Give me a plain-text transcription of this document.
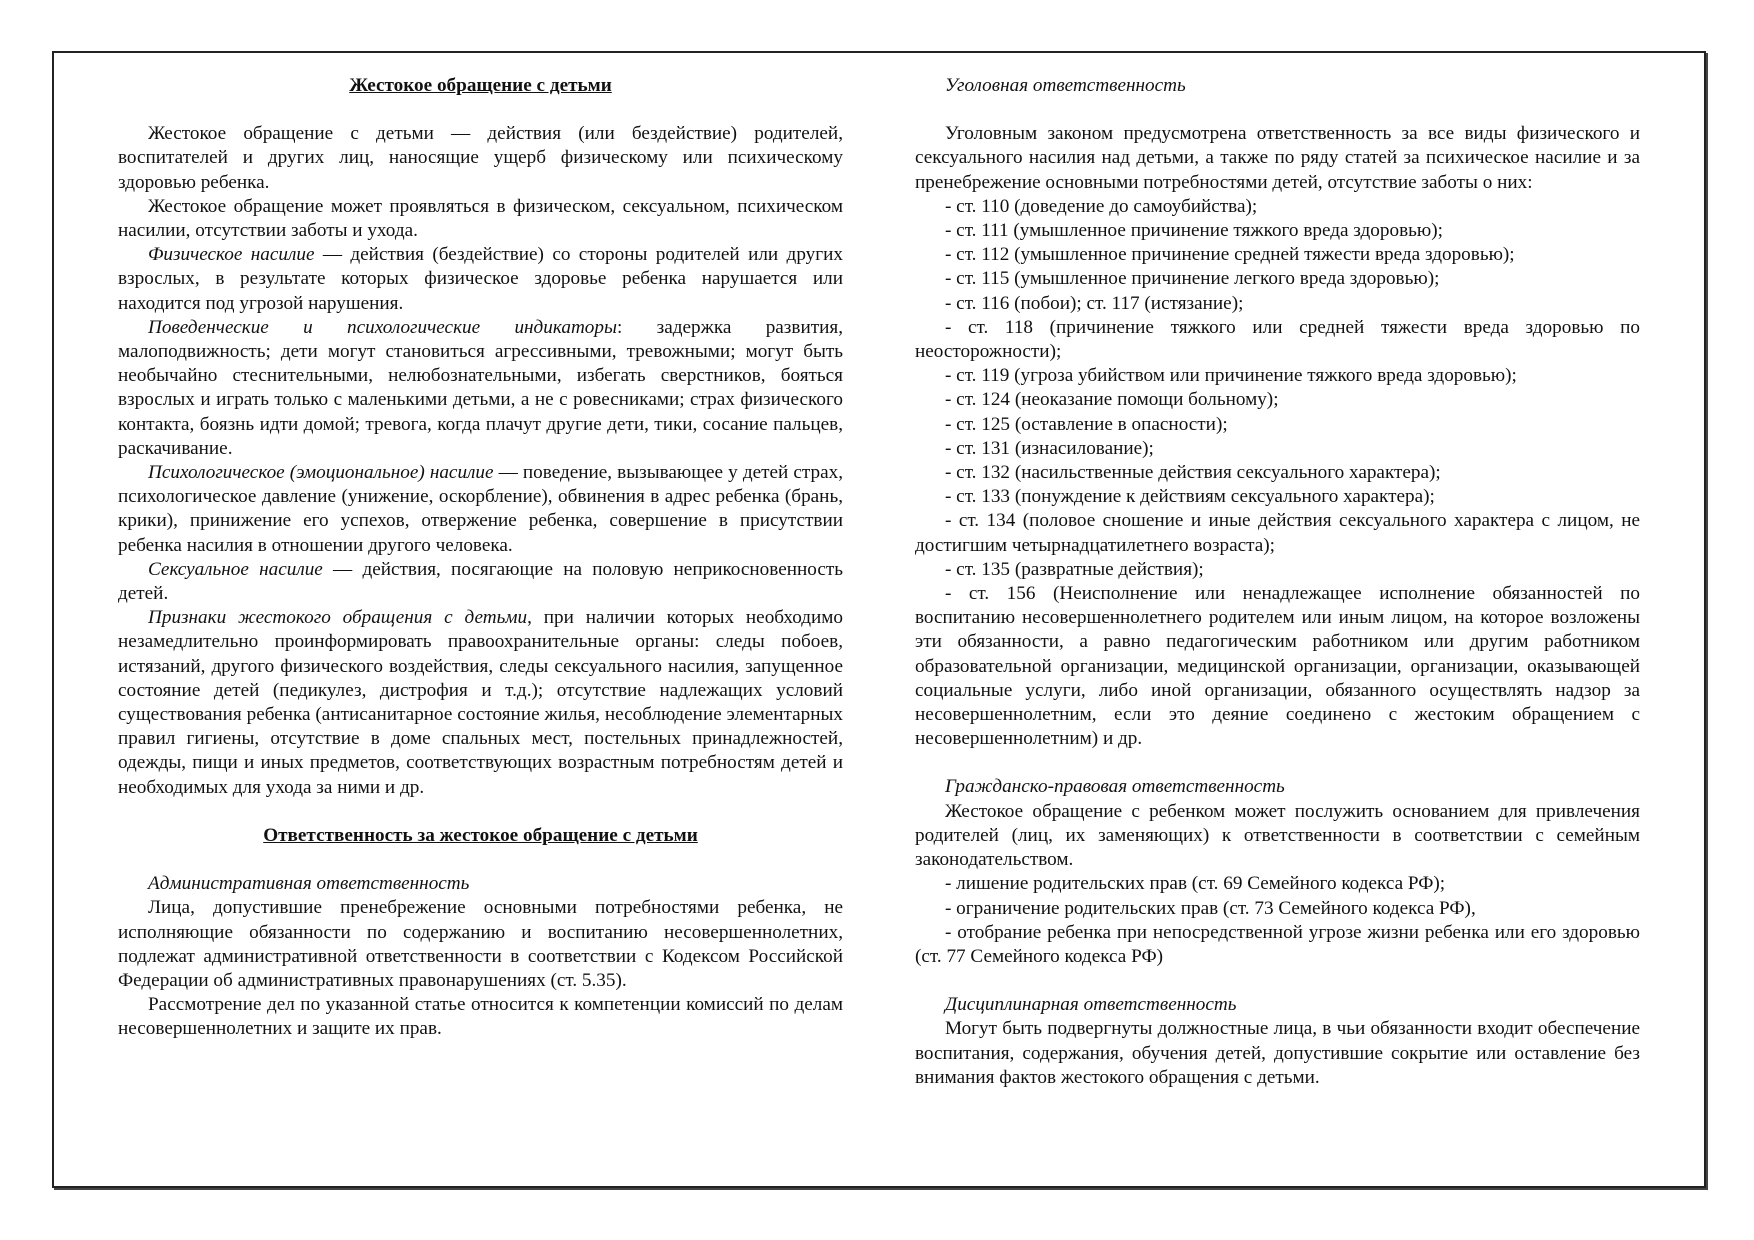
Жестокое обращение с детьми

Жестокое обращение с детьми — действия (или бездействие) родителей, воспитателей и других лиц, наносящие ущерб физическому или психическому здоровью ребенка.

Жестокое обращение может проявляться в физическом, сексуальном, психическом насилии, отсутствии заботы и ухода.

Физическое насилие — действия (бездействие) со стороны родителей или других взрослых, в результате которых физическое здоровье ребенка нарушается или находится под угрозой нарушения.

Поведенческие и психологические индикаторы: задержка развития, малоподвижность; дети могут становиться агрессивными, тревожными; могут быть необычайно стеснительными, нелюбознательными, избегать сверстников, бояться взрослых и играть только с маленькими детьми, а не с ровесниками; страх физического контакта, боязнь идти домой; тревога, когда плачут другие дети, тики, сосание пальцев, раскачивание.

Психологическое (эмоциональное) насилие — поведение, вызывающее у детей страх, психологическое давление (унижение, оскорбление), обвинения в адрес ребенка (брань, крики), принижение его успехов, отвержение ребенка, совершение в присутствии ребенка насилия в отношении другого человека.

Сексуальное насилие — действия, посягающие на половую неприкосновенность детей.

Признаки жестокого обращения с детьми, при наличии которых необходимо незамедлительно проинформировать правоохранительные органы: следы побоев, истязаний, другого физического воздействия, следы сексуального насилия, запущенное состояние детей (педикулез, дистрофия и т.д.); отсутствие надлежащих условий существования ребенка (антисанитарное состояние жилья, несоблюдение элементарных правил гигиены, отсутствие в доме спальных мест, постельных принадлежностей, одежды, пищи и иных предметов, соответствующих возрастным потребностям детей и необходимых для ухода за ними и др.

Ответственность за жестокое обращение с детьми
Административная ответственность

Лица, допустившие пренебрежение основными потребностями ребенка, не исполняющие обязанности по содержанию и воспитанию несовершеннолетних, подлежат административной ответственности в соответствии с Кодексом Российской Федерации об административных правонарушениях (ст. 5.35).

Рассмотрение дел по указанной статье относится к компетенции комиссий по делам несовершеннолетних и защите их прав.

Уголовная ответственность

Уголовным законом предусмотрена ответственность за все виды физического и сексуального насилия над детьми, а также по ряду статей за психическое насилие и за пренебрежение основными потребностями детей, отсутствие заботы о них:

- ст. 110 (доведение до самоубийства);

- ст. 111 (умышленное причинение тяжкого вреда здоровью);

- ст. 112 (умышленное причинение средней тяжести вреда здоровью);

- ст. 115 (умышленное причинение легкого вреда здоровью);

- ст. 116 (побои); ст. 117 (истязание);

- ст. 118 (причинение тяжкого или средней тяжести вреда здоровью по неосторожности);

- ст. 119 (угроза убийством или причинение тяжкого вреда здоровью);

- ст. 124 (неоказание помощи больному);

- ст. 125 (оставление в опасности);

- ст. 131 (изнасилование);

- ст. 132 (насильственные действия сексуального характера);

- ст. 133 (понуждение к действиям сексуального характера);

- ст. 134 (половое сношение и иные действия сексуального характера с лицом, не достигшим четырнадцатилетнего возраста);

- ст. 135 (развратные действия);

- ст. 156 (Неисполнение или ненадлежащее исполнение обязанностей по воспитанию несовершеннолетнего родителем или иным лицом, на которое возложены эти обязанности, а равно педагогическим работником или другим работником образовательной организации, медицинской организации, организации, оказывающей социальные услуги, либо иной организации, обязанного осуществлять надзор за несовершеннолетним, если это деяние соединено с жестоким обращением с несовершеннолетним) и др.

Гражданско-правовая ответственность

Жестокое обращение с ребенком может послужить основанием для привлечения родителей (лиц, их заменяющих) к ответственности в соответствии с семейным законодательством.

- лишение родительских прав (ст. 69 Семейного кодекса РФ);

- ограничение родительских прав (ст. 73 Семейного кодекса РФ),

- отобрание ребенка при непосредственной угрозе жизни ребенка или его здоровью (ст. 77 Семейного кодекса РФ)

Дисциплинарная ответственность

Могут быть подвергнуты должностные лица, в чьи обязанности входит обеспечение воспитания, содержания, обучения детей, допустившие сокрытие или оставление без внимания фактов жестокого обращения с детьми.
